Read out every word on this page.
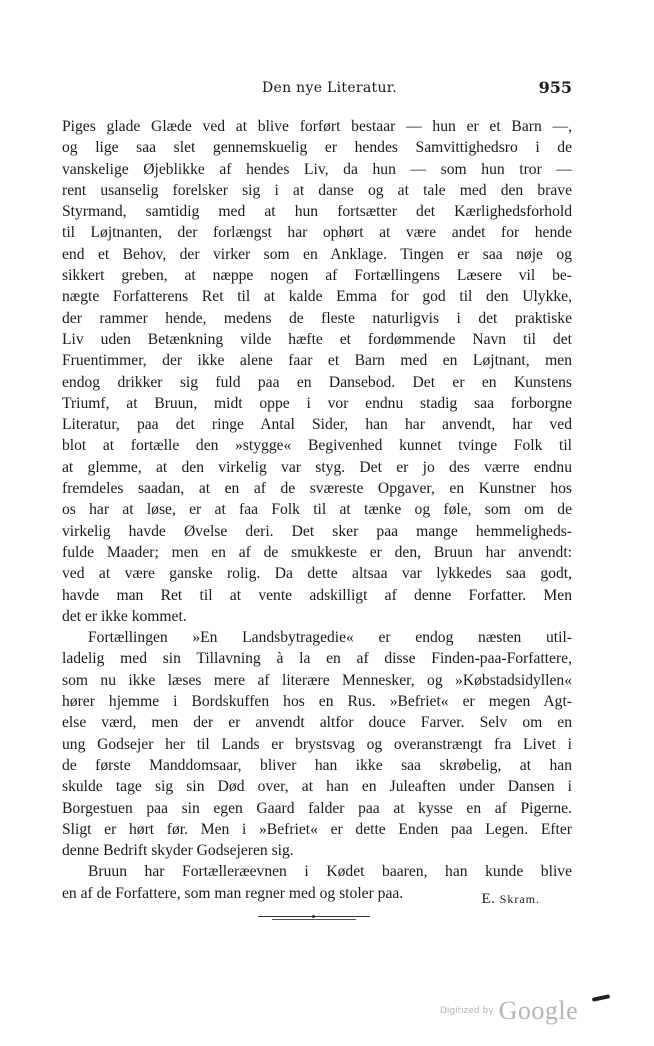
Den nye Literatur.	955
Piges glade Glæde ved at blive forført bestaar — hun er et Barn —,
og lige saa slet gennemskuelig er hendes Samvittighedsro i de
vanskelige Øjeblikke af hendes Liv, da hun — som hun tror —
rent usanselig forelsker sig i at danse og at tale med den brave
Styrmand, samtidig med at hun fortsætter det Kærlighedsforhold
til Løjtnanten, der forlængst har ophørt at være andet for hende
end et Behov, der virker som en Anklage. Tingen er saa nøje og
sikkert greben, at næppe nogen af Fortællingens Læsere vil be-
nægte Forfatterens Ret til at kalde Emma for god til den Ulykke,
der rammer hende, medens de fleste naturligvis i det praktiske
Liv uden Betænkning vilde hæfte et fordømmende Navn til det
Fruentimmer, der ikke alene faar et Barn med en Løjtnant, men
endog drikker sig fuld paa en Dansebod. Det er en Kunstens
Triumf, at Bruun, midt oppe i vor endnu stadig saa forborgne
Literatur, paa det ringe Antal Sider, han har anvendt, har ved
blot at fortælle den »stygge« Begivenhed kunnet tvinge Folk til
at glemme, at den virkelig var styg. Det er jo des værre endnu
fremdeles saadan, at en af de sværeste Opgaver, en Kunstner hos
os har at løse, er at faa Folk til at tænke og føle, som om de
virkelig havde Øvelse deri. Det sker paa mange hemmeligheds-
fulde Maader; men en af de smukkeste er den, Bruun har anvendt:
ved at være ganske rolig. Da dette altsaa var lykkedes saa godt,
havde man Ret til at vente adskilligt af denne Forfatter. Men
det er ikke kommet.
Fortællingen »En Landsbytragedie« er endog næsten util-
ladelig med sin Tillavning à la en af disse Finden-paa-Forfattere,
som nu ikke læses mere af literære Mennesker, og »Købstadsidyllen«
hører hjemme i Bordskuffen hos en Rus. »Befriet« er megen Agt-
else værd, men der er anvendt altfor douce Farver. Selv om en
ung Godsejer her til Lands er brystsvag og overanstrængt fra Livet i
de første Manddomsaar, bliver han ikke saa skrøbelig, at han
skulde tage sig sin Død over, at han en Juleaften under Dansen i
Borgestuen paa sin egen Gaard falder paa at kysse en af Pigerne.
Sligt er hørt før. Men i »Befriet« er dette Enden paa Legen. Efter
denne Bedrift skyder Godsejeren sig.
Bruun har Fortælleræevnen i Kødet baaren, han kunde blive
en af de Forfattere, som man regner med og stoler paa.	E. Skram.
Digitized by Google
